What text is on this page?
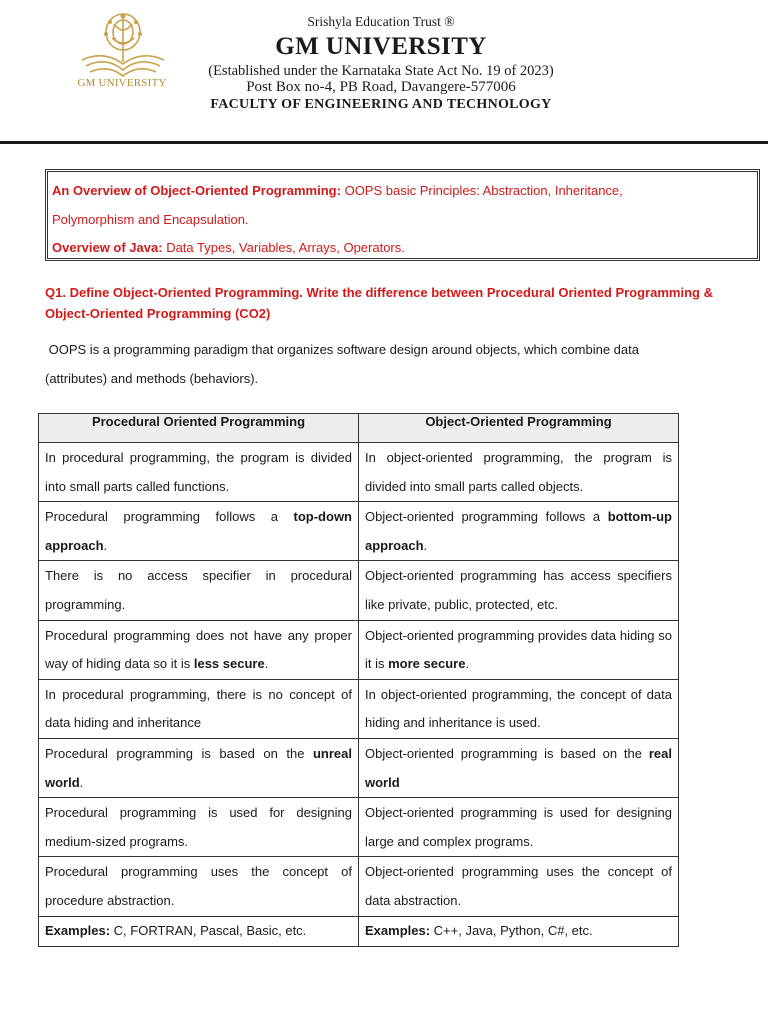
GM UNIVERSITY
Srishyla Education Trust ®
GM UNIVERSITY
(Established under the Karnataka State Act No. 19 of 2023)
Post Box no-4, PB Road, Davangere-577006
FACULTY OF ENGINEERING AND TECHNOLOGY
An Overview of Object-Oriented Programming: OOPS basic Principles: Abstraction, Inheritance,
Polymorphism and Encapsulation.
Overview of Java: Data Types, Variables, Arrays, Operators.
Q1. Define Object-Oriented Programming. Write the difference between Procedural Oriented Programming &
Object-Oriented Programming (CO2)
OOPS is a programming paradigm that organizes software design around objects, which combine data
(attributes) and methods (behaviors).
Procedural Oriented Programming	Object-Oriented Programming
In procedural programming, the program is divided into small parts called functions.	In object-oriented programming, the program is divided into small parts called objects.
Procedural programming follows a top-down approach.	Object-oriented programming follows a bottom-up approach.
There is no access specifier in procedural programming.	Object-oriented programming has access specifiers like private, public, protected, etc.
Procedural programming does not have any proper way of hiding data so it is less secure.	Object-oriented programming provides data hiding so it is more secure.
In procedural programming, there is no concept of data hiding and inheritance	In object-oriented programming, the concept of data hiding and inheritance is used.
Procedural programming is based on the unreal world.	Object-oriented programming is based on the real world
Procedural programming is used for designing medium-sized programs.	Object-oriented programming is used for designing large and complex programs.
Procedural programming uses the concept of procedure abstraction.	Object-oriented programming uses the concept of data abstraction.
Examples: C, FORTRAN, Pascal, Basic, etc.	Examples: C++, Java, Python, C#, etc.
